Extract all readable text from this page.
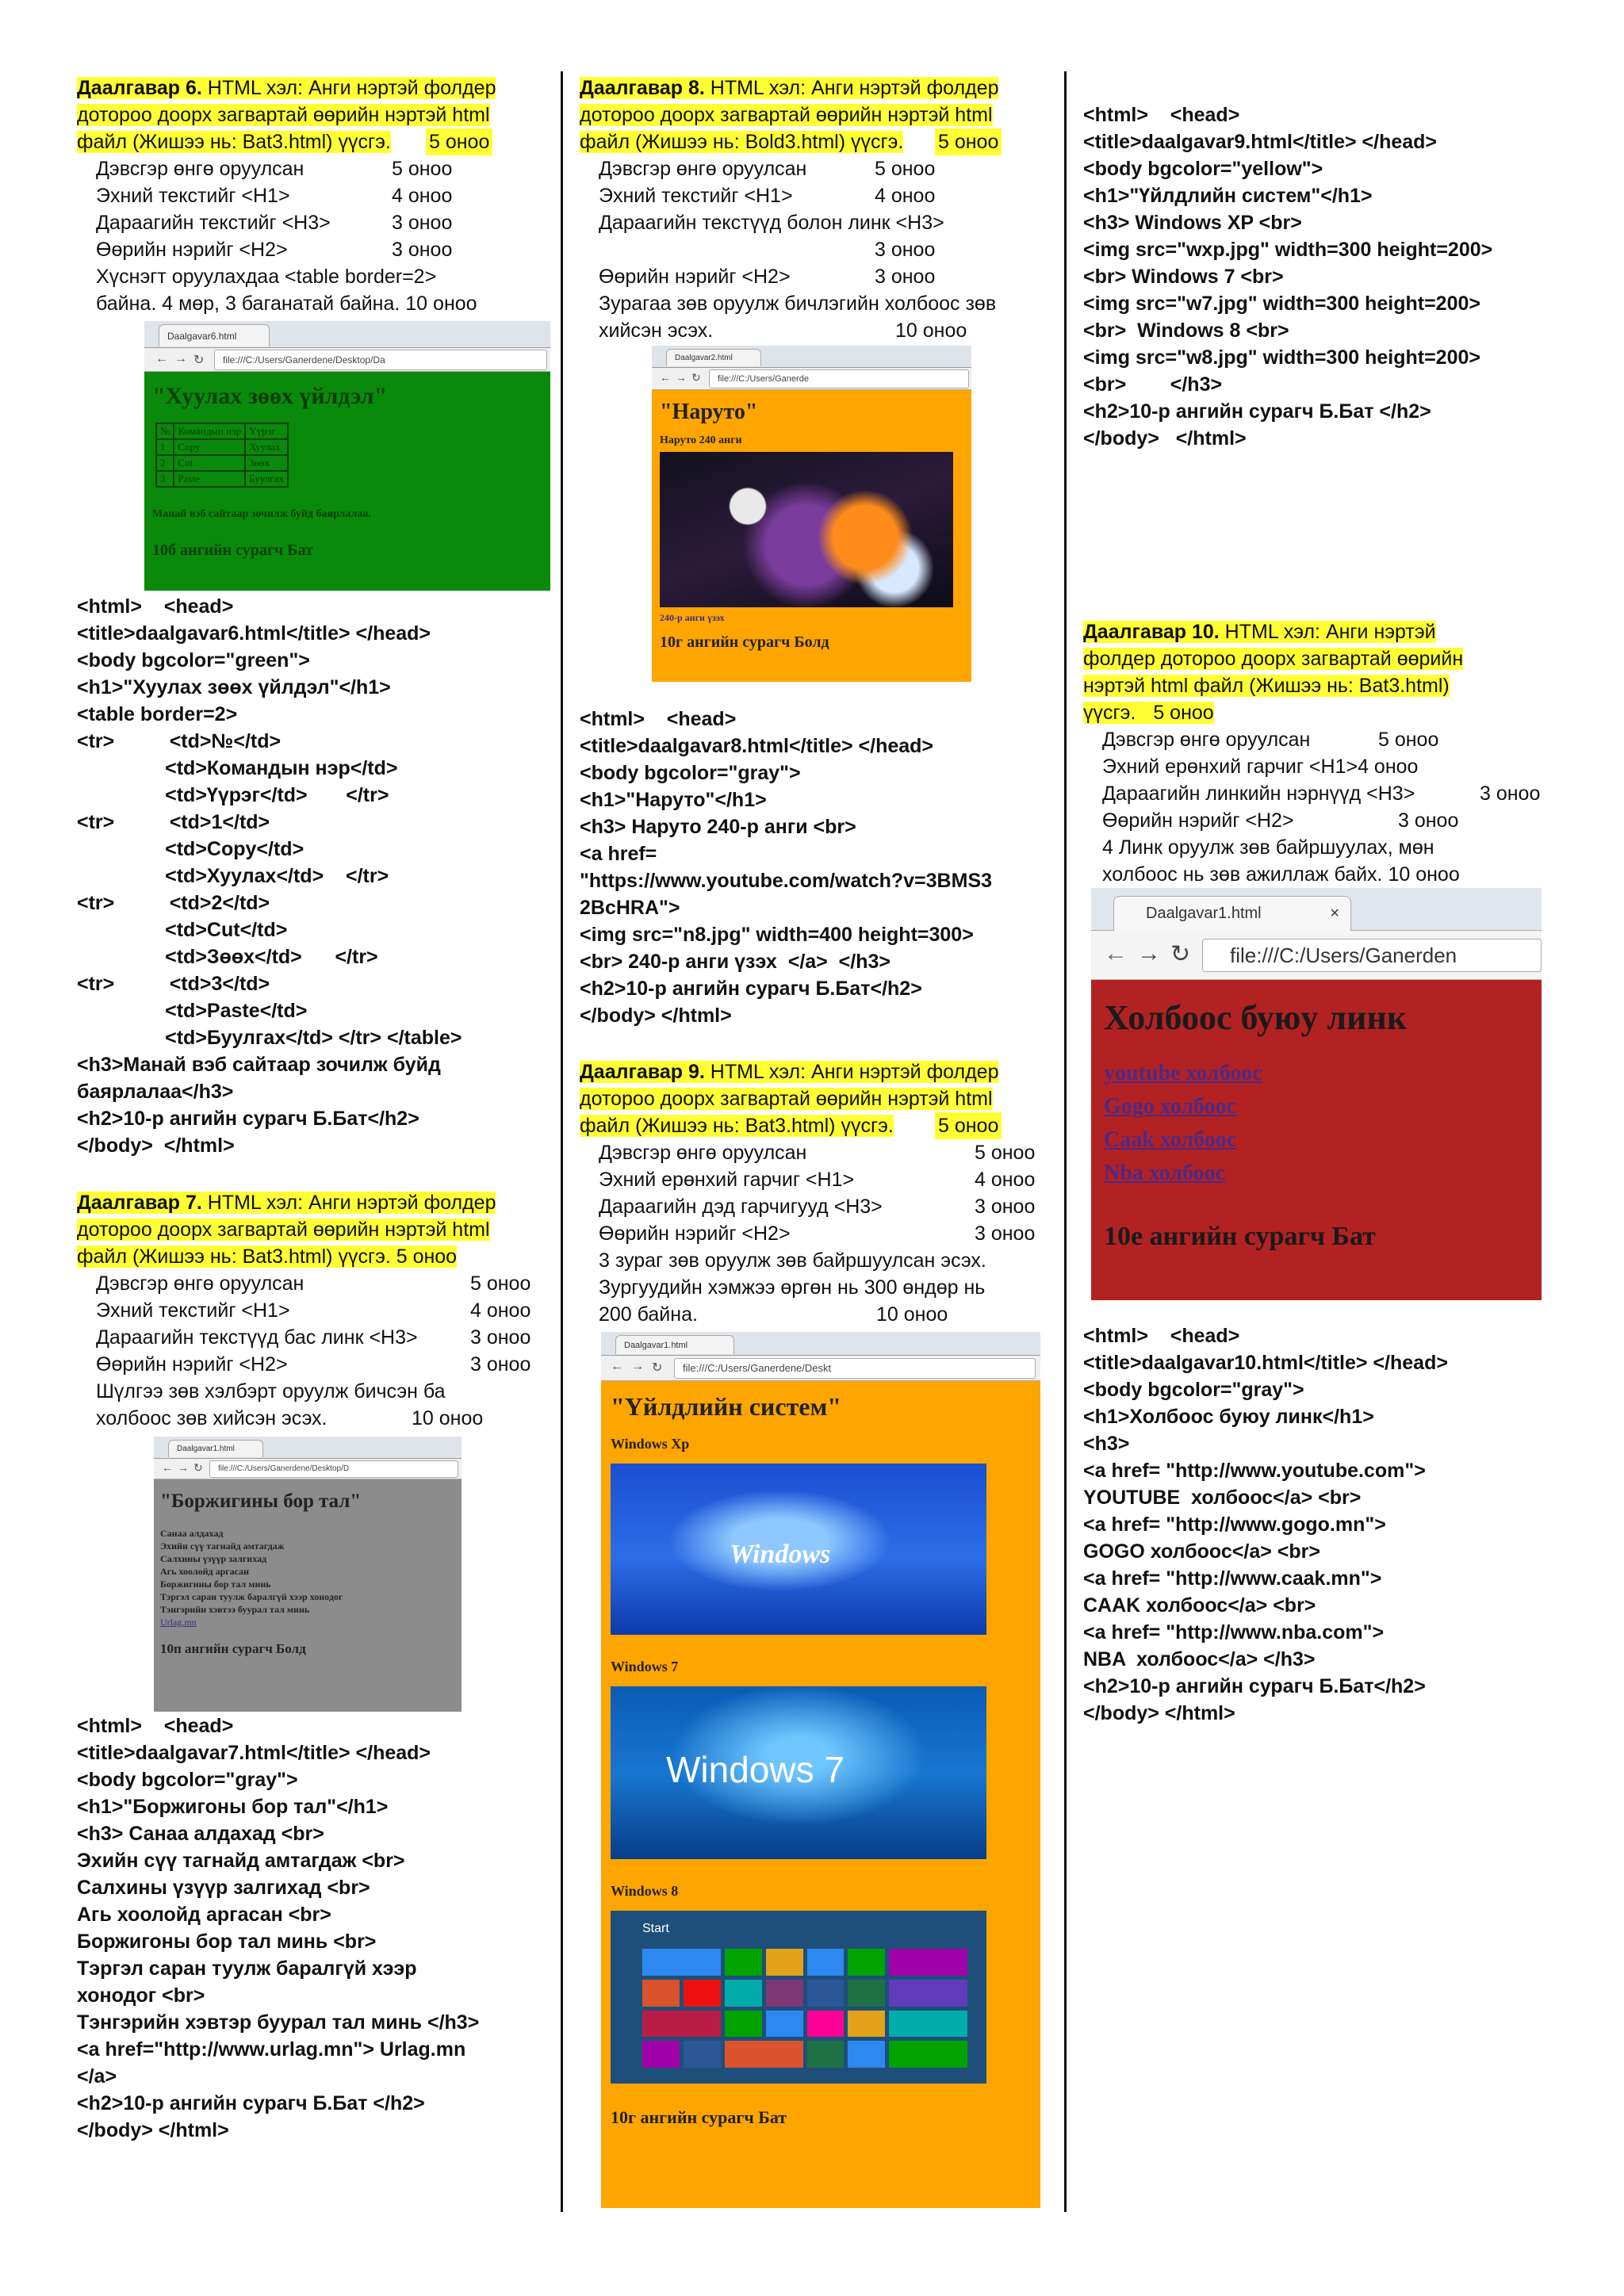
Даалгавар 6. HTML хэл: Анги нэртэй фолдер
дотороо доорх загвартай өөрийн нэртэй html
файл (Жишээ нь: Bat3.html) үүсгэ. 5 оноо
Дэвсгэр өнгө оруулсан	5 оноо
Эхний текстийг <H1>	4 оноо
Дараагийн текстийг <H3>	3 оноо
Өөрийн нэрийг <H2>	3 оноо
Хүснэгт оруулахдаа <table border=2>
байна. 4 мөр, 3 баганатай байна. 10 оноо
Daalgavar6.html
← → ↻	file:///C:/Users/Ganerdene/Desktop/Da
"Хуулах зөөх үйлдэл"
№	Командын нэр	Үүрэг
1	Copy	Хуулах
2	Cut	Зөөх
3	Paste	Буулгах
Манай вэб сайтаар зочилж буйд баярлалаа.
10б ангийн сурагч Бат
<html>    <head>
<title>daalgavar6.html</title> </head>
<body bgcolor="green">
<h1>"Хуулах зөөх үйлдэл"</h1>
<table border=2>
<tr>          <td>№</td>
<td>Командын нэр</td>
<td>Үүрэг</td>       </tr>
<tr>          <td>1</td>
<td>Copy</td>
<td>Хуулах</td>    </tr>
<tr>          <td>2</td>
<td>Cut</td>
<td>Зөөх</td>      </tr>
<tr>          <td>3</td>
<td>Paste</td>
<td>Буулгах</td> </tr> </table>
<h3>Манай вэб сайтаар зочилж буйд
баярлалаа</h3>
<h2>10-р ангийн сурагч Б.Бат</h2>
</body>  </html>
Даалгавар 7. HTML хэл: Анги нэртэй фолдер
дотороо доорх загвартай өөрийн нэртэй html
файл (Жишээ нь: Bat3.html) үүсгэ. 5 оноо
Дэвсгэр өнгө оруулсан	5 оноо
Эхний текстийг <H1>	4 оноо
Дараагийн текстүүд бас линк <H3>	3 оноо
Өөрийн нэрийг <H2>	3 оноо
Шүлгээ зөв хэлбэрт оруулж бичсэн ба
холбоос зөв хийсэн эсэх.	10 оноо
Daalgavar1.html
← → ↻	file:///C:/Users/Ganerdene/Desktop/D
"Боржигины бор тал"
Санаа алдахад
Эхийн сүү тагнайд амтагдаж
Салхины үзүүр залгихад
Агь хоолойд аргасан
Боржигины бор тал минь
Тэргэл саран туулж баралгүй хээр хонодог
Тэнгэрийн хэвтээ буурал тал минь
Urlag.mn
10п ангийн сурагч Болд
<html>    <head>
<title>daalgavar7.html</title> </head>
<body bgcolor="gray">
<h1>"Боржигоны бор тал"</h1>
<h3> Санаа алдахад <br>
Эхийн сүү тагнайд амтагдаж <br>
Салхины үзүүр залгихад <br>
Агь хоолойд аргасан <br>
Боржигоны бор тал минь <br>
Тэргэл саран туулж баралгүй хээр
хонодог <br>
Тэнгэрийн хэвтэр буурал тал минь </h3>
<a href="http://www.urlag.mn"> Urlag.mn
</a>
<h2>10-р ангийн сурагч Б.Бат </h2>
</body> </html>
Даалгавар 8. HTML хэл: Анги нэртэй фолдер
дотороо доорх загвартай өөрийн нэртэй html
файл (Жишээ нь: Bold3.html) үүсгэ. 5 оноо
Дэвсгэр өнгө оруулсан	5 оноо
Эхний текстийг <H1>	4 оноо
Дараагийн текстүүд болон линк <H3>
3 оноо
Өөрийн нэрийг <H2>	3 оноо
Зурагаа зөв оруулж бичлэгийн холбоос зөв
хийсэн эсэх.	10 оноо
Daalgavar2.html
← → ↻	file:///C:/Users/Ganerde
"Наруто"
Наруто 240 анги
240-р анги үзэх
10г ангийн сурагч Болд
<html>    <head>
<title>daalgavar8.html</title> </head>
<body bgcolor="gray">
<h1>"Наруто"</h1>
<h3> Наруто 240-р анги <br>
<a href=
"https://www.youtube.com/watch?v=3BMS3
2BcHRA">
<img src="n8.jpg" width=400 height=300>
<br> 240-р анги үзэх  </a>  </h3>
<h2>10-р ангийн сурагч Б.Бат</h2>
</body> </html>
Даалгавар 9. HTML хэл: Анги нэртэй фолдер
дотороо доорх загвартай өөрийн нэртэй html
файл (Жишээ нь: Bat3.html) үүсгэ. 5 оноо
Дэвсгэр өнгө оруулсан	5 оноо
Эхний ерөнхий гарчиг <H1>	4 оноо
Дараагийн дэд гарчигууд <H3>	3 оноо
Өөрийн нэрийг <H2>	3 оноо
3 зураг зөв оруулж зөв байршуулсан эсэх.
Зургуудийн хэмжээ өргөн нь 300 өндөр нь
200 байна.	10 оноо
Daalgavar1.html
← → ↻	file:///C:/Users/Ganerdene/Deskt
"Үйлдлийн систем"
Windows Xp
Windows
Windows 7
Windows 7
Windows 8
Start
10г ангийн сурагч Бат
<html>    <head>
<title>daalgavar9.html</title> </head>
<body bgcolor="yellow">
<h1>"Үйлдлийн систем"</h1>
<h3> Windows XP <br>
<img src="wxp.jpg" width=300 height=200>
<br> Windows 7 <br>
<img src="w7.jpg" width=300 height=200>
<br>  Windows 8 <br>
<img src="w8.jpg" width=300 height=200>
<br>        </h3>
<h2>10-р ангийн сурагч Б.Бат </h2>
</body>   </html>
Даалгавар 10. HTML хэл: Анги нэртэй
фолдер дотороо доорх загвартай өөрийн
нэртэй html файл (Жишээ нь: Bat3.html)
үүсгэ. 5 оноо
Дэвсгэр өнгө оруулсан	5 оноо
Эхний ерөнхий гарчиг <H1>4 оноо
Дараагийн линкийн нэрнүүд <H3>	3 оноо
Өөрийн нэрийг <H2>	3 оноо
4 Линк оруулж зөв байршуулах, мөн
холбоос нь зөв ажиллаж байх. 10 оноо
Daalgavar1.html	×
← → ↻	file:///C:/Users/Ganerden
Холбоос буюу линк
youtube холбоос
Gogo холбоос
Caak холбоос
Nba холбоос
10е ангийн сурагч Бат
<html>    <head>
<title>daalgavar10.html</title> </head>
<body bgcolor="gray">
<h1>Холбоос буюу линк</h1>
<h3>
<a href= "http://www.youtube.com">
YOUTUBE  холбоос</a> <br>
<a href= "http://www.gogo.mn">
GOGO холбоос</a> <br>
<a href= "http://www.caak.mn">
CAAK холбоос</a> <br>
<a href= "http://www.nba.com">
NBA  холбоос</a> </h3>
<h2>10-р ангийн сурагч Б.Бат</h2>
</body> </html>
